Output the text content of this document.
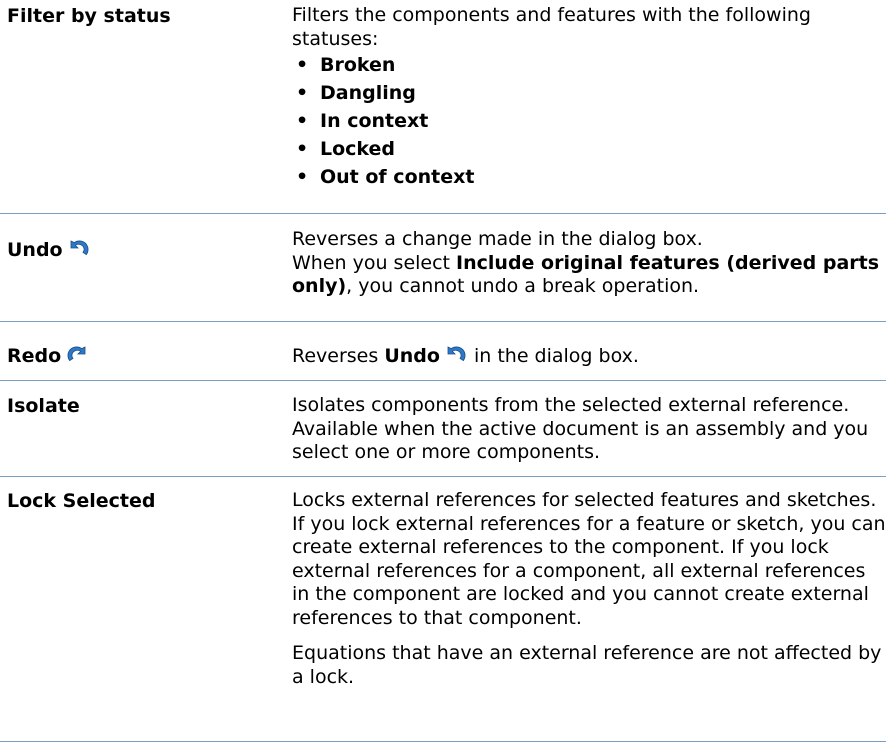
Filter by status	Filters the components and features with the following statuses:

• Broken
• Dangling
• In context
• Locked
• Out of context
Undo	Reverses a change made in the dialog box.

When you select Include original features (derived parts only), you cannot undo a break operation.

Redo	Reverses Undo
in the dialog box.

Isolate	Isolates components from the selected external reference. Available when the active document is an assembly and you select one or more components.

Lock Selected	Locks external references for selected features and sketches.

If you lock external references for a feature or sketch, you can create external references to the component. If you lock external references for a component, all external references in the component are locked and you cannot create external references to that component.

Equations that have an external reference are not affected by a lock.
